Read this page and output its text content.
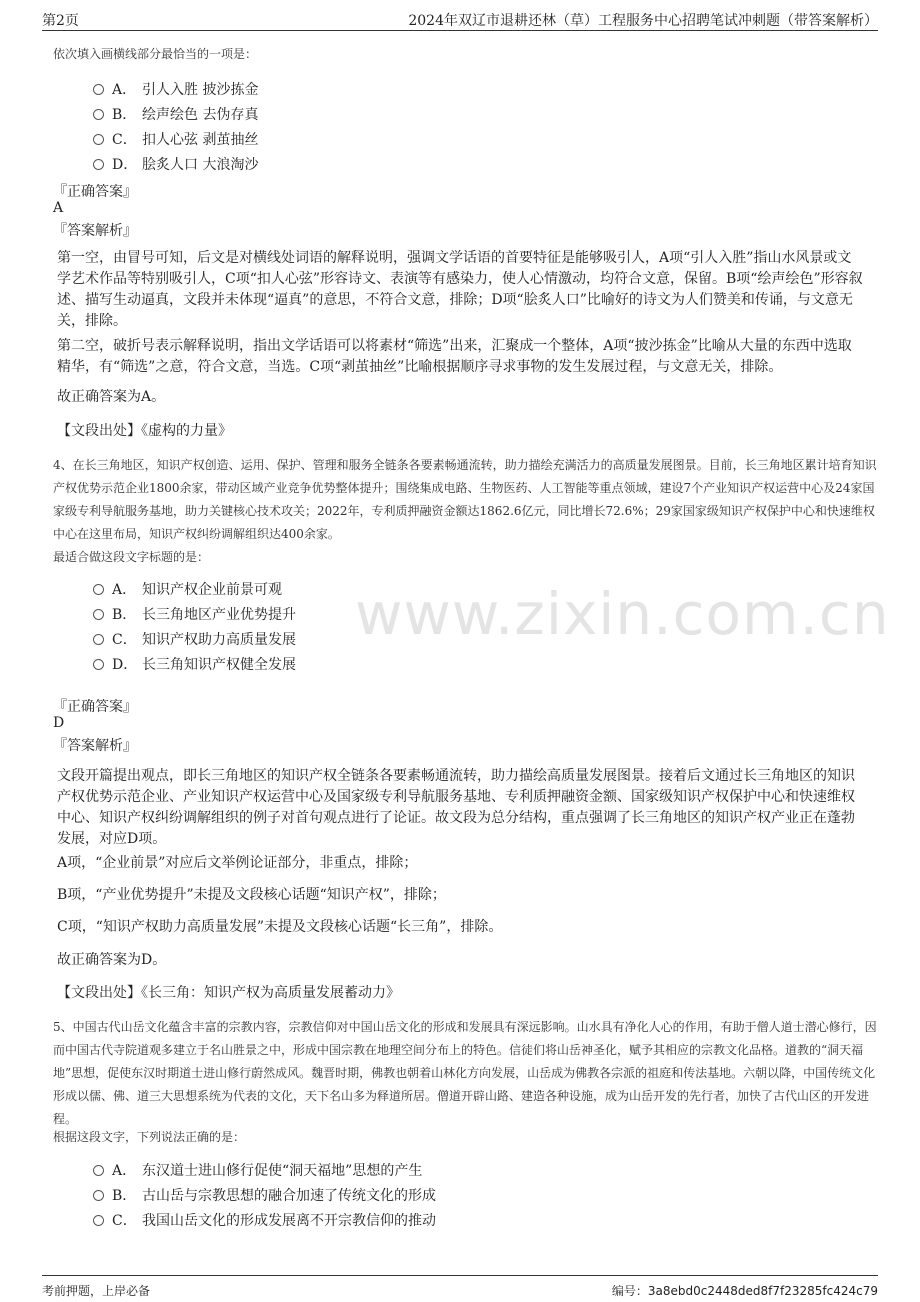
第2页	2024年双辽市退耕还林（草）工程服务中心招聘笔试冲刺题（带答案解析）
www.zixin.com.cn
依次填入画横线部分最恰当的一项是：
A． 引人入胜 披沙拣金
B． 绘声绘色 去伪存真
C． 扣人心弦 剥茧抽丝
D． 脍炙人口 大浪淘沙
『正确答案』
A
『答案解析』
第一空，由冒号可知，后文是对横线处词语的解释说明，强调文学话语的首要特征是能够吸引人，A项“引人入胜”指山水风景或文学艺术作品等特别吸引人，C项“扣人心弦”形容诗文、表演等有感染力，使人心情激动，均符合文意，保留。B项“绘声绘色”形容叙述、描写生动逼真，文段并未体现“逼真”的意思，不符合文意，排除；D项“脍炙人口”比喻好的诗文为人们赞美和传诵，与文意无关，排除。
第二空，破折号表示解释说明，指出文学话语可以将素材“筛选”出来，汇聚成一个整体，A项“披沙拣金”比喻从大量的东西中选取精华，有“筛选”之意，符合文意，当选。C项“剥茧抽丝”比喻根据顺序寻求事物的发生发展过程，与文意无关，排除。
故正确答案为A。
【文段出处】《虚构的力量》
4、在长三角地区，知识产权创造、运用、保护、管理和服务全链条各要素畅通流转，助力描绘充满活力的高质量发展图景。目前，长三角地区累计培育知识产权优势示范企业1800余家，带动区域产业竞争优势整体提升；围绕集成电路、生物医药、人工智能等重点领域，建设7个产业知识产权运营中心及24家国家级专利导航服务基地，助力关键核心技术攻关；2022年，专利质押融资金额达1862.6亿元，同比增长72.6%；29家国家级知识产权保护中心和快速维权中心在这里布局，知识产权纠纷调解组织达400余家。
最适合做这段文字标题的是：
A． 知识产权企业前景可观
B． 长三角地区产业优势提升
C． 知识产权助力高质量发展
D． 长三角知识产权健全发展
『正确答案』
D
『答案解析』
文段开篇提出观点，即长三角地区的知识产权全链条各要素畅通流转，助力描绘高质量发展图景。接着后文通过长三角地区的知识产权优势示范企业、产业知识产权运营中心及国家级专利导航服务基地、专利质押融资金额、国家级知识产权保护中心和快速维权中心、知识产权纠纷调解组织的例子对首句观点进行了论证。故文段为总分结构，重点强调了长三角地区的知识产权产业正在蓬勃发展，对应D项。
A项，“企业前景”对应后文举例论证部分，非重点，排除；
B项，“产业优势提升”未提及文段核心话题“知识产权”，排除；
C项，“知识产权助力高质量发展”未提及文段核心话题“长三角”，排除。
故正确答案为D。
【文段出处】《长三角：知识产权为高质量发展蓄动力》
5、中国古代山岳文化蕴含丰富的宗教内容，宗教信仰对中国山岳文化的形成和发展具有深远影响。山水具有净化人心的作用，有助于僧人道士潜心修行，因而中国古代寺院道观多建立于名山胜景之中，形成中国宗教在地理空间分布上的特色。信徒们将山岳神圣化，赋予其相应的宗教文化品格。道教的“洞天福地”思想，促使东汉时期道士进山修行蔚然成风。魏晋时期，佛教也朝着山林化方向发展，山岳成为佛教各宗派的祖庭和传法基地。六朝以降，中国传统文化形成以儒、佛、道三大思想系统为代表的文化，天下名山多为释道所居。僧道开辟山路、建造各种设施，成为山岳开发的先行者，加快了古代山区的开发进程。
根据这段文字，下列说法正确的是：
A． 东汉道士进山修行促使“洞天福地”思想的产生
B． 古山岳与宗教思想的融合加速了传统文化的形成
C． 我国山岳文化的形成发展离不开宗教信仰的推动
考前押题，上岸必备	编号：3a8ebd0c2448ded8f7f23285fc424c79
